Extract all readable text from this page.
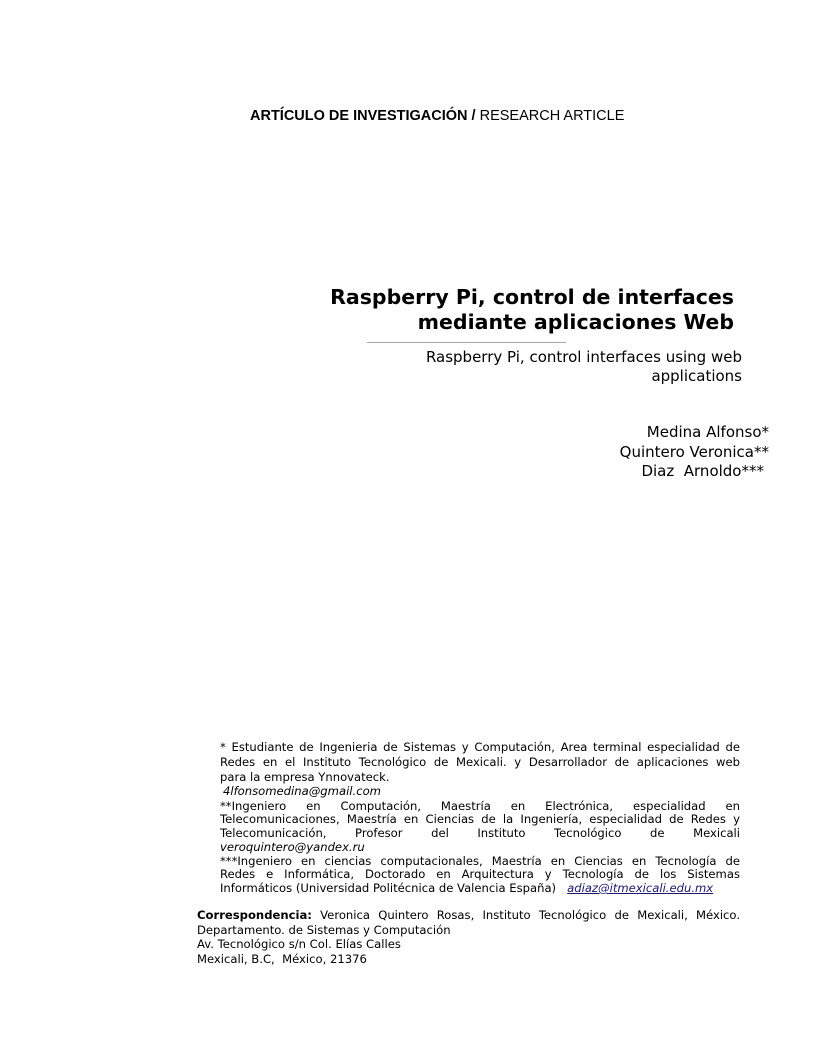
ARTÍCULO DE INVESTIGACIÓN / RESEARCH ARTICLE
Raspberry Pi, control de interfaces
mediante aplicaciones Web
Raspberry Pi, control interfaces using web
applications
Medina Alfonso*
Quintero Veronica**
Diaz  Arnoldo***

* Estudiante de Ingenieria de Sistemas y Computación, Area terminal especialidad de

Redes en el Instituto Tecnológico de Mexicali. y Desarrollador de aplicaciones web

para la empresa Ynnovateck.

4lfonsomedina@gmail.com

**Ingeniero en Computación, Maestría en Electrónica, especialidad en

Telecomunicaciones, Maestría en Ciencias de la Ingeniería, especialidad de Redes y

Telecomunicación, Profesor del Instituto Tecnológico de Mexicali

veroquintero@yandex.ru

***Ingeniero en ciencias computacionales, Maestría en Ciencias en Tecnología de

Redes e Informática, Doctorado en Arquitectura y Tecnología de los Sistemas

Informáticos (Universidad Politécnica de Valencia España) adiaz@itmexicali.edu.mx

Correspondencia: Veronica Quintero Rosas, Instituto Tecnológico de Mexicali, México.

Departamento. de Sistemas y Computación

Av. Tecnológico s/n Col. Elías Calles

Mexicali, B.C,  México, 21376
